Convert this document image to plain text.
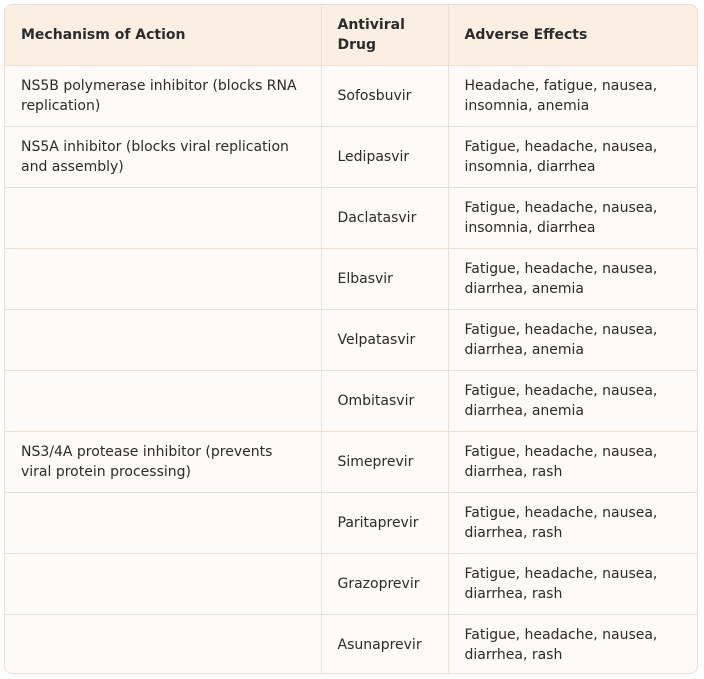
Mechanism of Action	Antiviral Drug	Adverse Effects
NS5B polymerase inhibitor (blocks RNA replication)	Sofosbuvir	Headache, fatigue, nausea, insomnia, anemia
NS5A inhibitor (blocks viral replication and assembly)	Ledipasvir	Fatigue, headache, nausea, insomnia, diarrhea
	Daclatasvir	Fatigue, headache, nausea, insomnia, diarrhea
	Elbasvir	Fatigue, headache, nausea, diarrhea, anemia
	Velpatasvir	Fatigue, headache, nausea, diarrhea, anemia
	Ombitasvir	Fatigue, headache, nausea, diarrhea, anemia
NS3/4A protease inhibitor (prevents viral protein processing)	Simeprevir	Fatigue, headache, nausea, diarrhea, rash
	Paritaprevir	Fatigue, headache, nausea, diarrhea, rash
	Grazoprevir	Fatigue, headache, nausea, diarrhea, rash
	Asunaprevir	Fatigue, headache, nausea, diarrhea, rash
